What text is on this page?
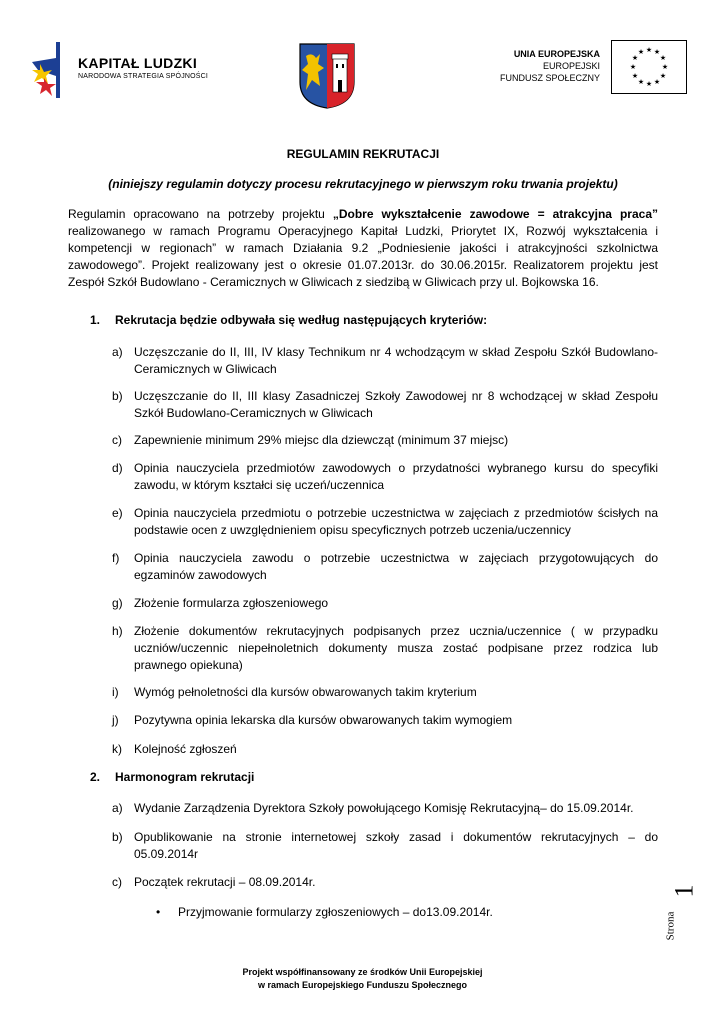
KAPITAŁ LUDZKI
NARODOWA STRATEGIA SPÓJNOŚCI
UNIA EUROPEJSKA
EUROPEJSKI
FUNDUSZ SPOŁECZNY
★ ★
★
★
★
★
★
★
★
★
★
★
REGULAMIN REKRUTACJI
(niniejszy regulamin dotyczy procesu rekrutacyjnego w pierwszym roku trwania projektu)
Regulamin opracowano na potrzeby projektu „Dobre wykształcenie zawodowe = atrakcyjna praca” realizowanego w ramach Programu Operacyjnego Kapitał Ludzki, Priorytet IX, Rozwój wykształcenia i kompetencji w regionach” w ramach Działania 9.2 „Podniesienie jakości i atrakcyjności szkolnictwa zawodowego”. Projekt realizowany jest o okresie 01.07.2013r. do 30.06.2015r. Realizatorem projektu jest Zespół Szkół Budowlano - Ceramicznych w Gliwicach z siedzibą w Gliwicach przy ul. Bojkowska 16.
1. Rekrutacja będzie odbywała się według następujących kryteriów:
a) Uczęszczanie do II, III, IV klasy Technikum nr 4 wchodzącym w skład Zespołu Szkół Budowlano-Ceramicznych w Gliwicach
b) Uczęszczanie do II, III klasy Zasadniczej Szkoły Zawodowej nr 8 wchodzącej w skład Zespołu Szkół Budowlano-Ceramicznych w Gliwicach
c) Zapewnienie minimum 29% miejsc dla dziewcząt (minimum 37 miejsc)
d) Opinia nauczyciela przedmiotów zawodowych o przydatności wybranego kursu do specyfiki zawodu, w którym kształci się uczeń/uczennica
e) Opinia nauczyciela przedmiotu o potrzebie uczestnictwa w zajęciach z przedmiotów ścisłych na podstawie ocen z uwzględnieniem opisu specyficznych potrzeb uczenia/uczennicy
f) Opinia nauczyciela zawodu o potrzebie uczestnictwa w zajęciach przygotowujących do egzaminów zawodowych
g) Złożenie formularza zgłoszeniowego
h) Złożenie dokumentów rekrutacyjnych podpisanych przez ucznia/uczennice ( w przypadku uczniów/uczennic niepełnoletnich dokumenty musza zostać podpisane przez rodzica lub prawnego opiekuna)
i) Wymóg pełnoletności dla kursów obwarowanych takim kryterium
j) Pozytywna opinia lekarska dla kursów obwarowanych takim wymogiem
k) Kolejność zgłoszeń
2. Harmonogram rekrutacji
a) Wydanie Zarządzenia Dyrektora Szkoły powołującego Komisję Rekrutacyjną– do 15.09.2014r.
b) Opublikowanie na stronie internetowej szkoły zasad i dokumentów rekrutacyjnych – do 05.09.2014r
c) Początek rekrutacji – 08.09.2014r.
• Przyjmowanie formularzy zgłoszeniowych – do13.09.2014r.
1
Strona
Projekt współfinansowany ze środków Unii Europejskiej
w ramach Europejskiego Funduszu Społecznego
